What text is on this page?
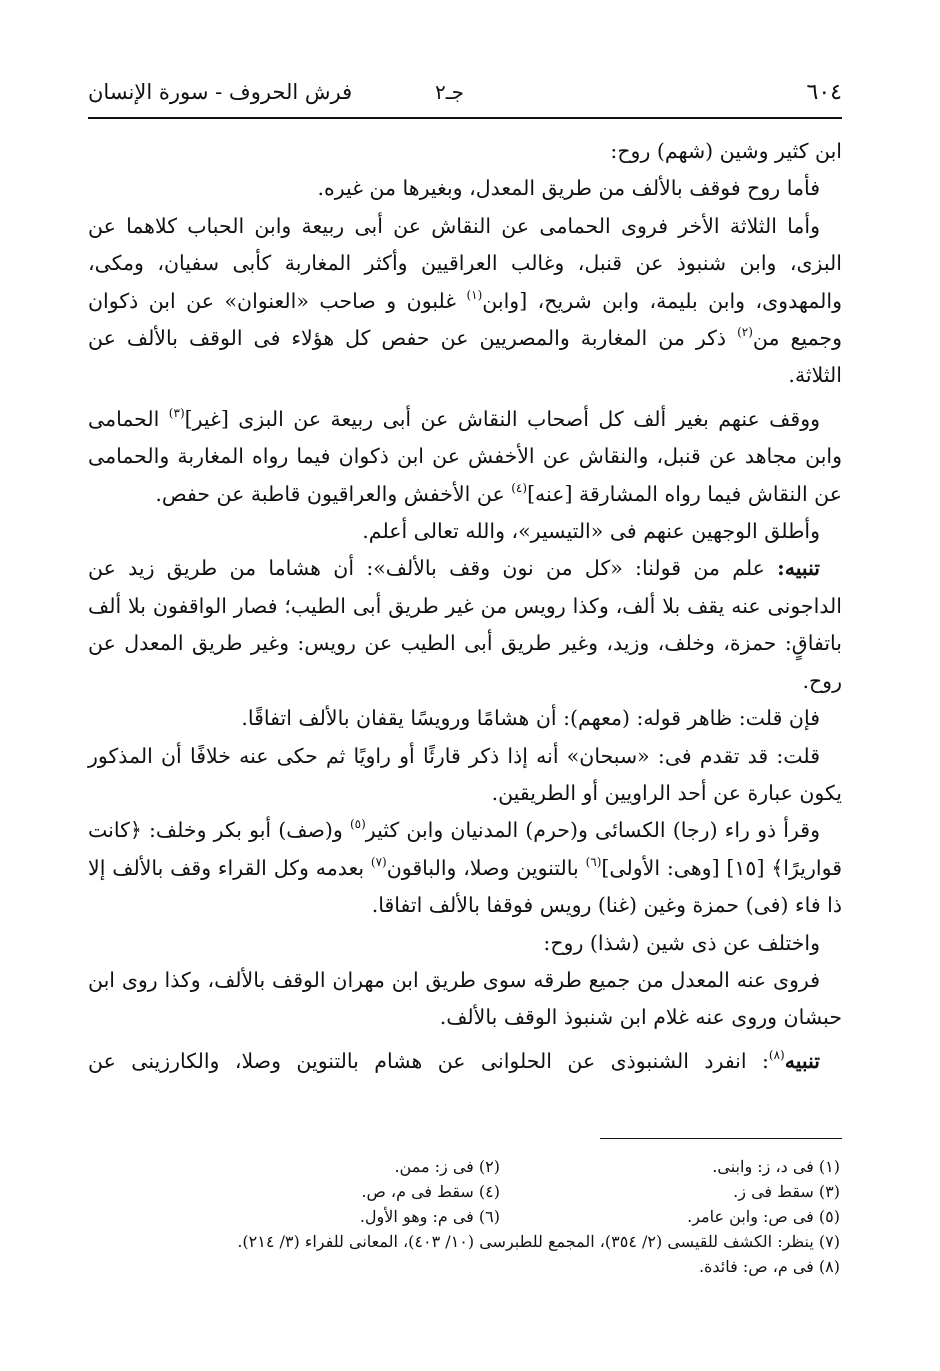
٦٠٤
جـ٢
فرش الحروف - سورة الإنسان

ابن كثير وشين (شهم) روح:

فأما روح فوقف بالألف من طريق المعدل، وبغيرها من غيره.

وأما الثلاثة الأخر فروى الحمامى عن النقاش عن أبى ربيعة وابن الحباب كلاهما عن البزى، وابن شنبوذ عن قنبل، وغالب العراقيين وأكثر المغاربة كأبى سفيان، ومكى، والمهدوى، وابن بليمة، وابن شريح، [وابن$^{(١)}$ غلبون و صاحب «العنوان» عن ابن ذكوان وجميع من$^{(٢)}$ ذكر من المغاربة والمصريين عن حفص كل هؤلاء فى الوقف بالألف عن الثلاثة.

ووقف عنهم بغير ألف كل أصحاب النقاش عن أبى ربيعة عن البزى [غير]$^{(٣)}$ الحمامى وابن مجاهد عن قنبل، والنقاش عن الأخفش عن ابن ذكوان فيما رواه المغاربة والحمامى عن النقاش فيما رواه المشارقة [عنه]$^{(٤)}$ عن الأخفش والعراقيون قاطبة عن حفص.

وأطلق الوجهين عنهم فى «التيسير»، والله تعالى أعلم.

تنبيه: علم من قولنا: «كل من نون وقف بالألف»: أن هشاما من طريق زيد عن الداجونى عنه يقف بلا ألف، وكذا رويس من غير طريق أبى الطيب؛ فصار الواقفون بلا ألف باتفاقٍ: حمزة، وخلف، وزيد، وغير طريق أبى الطيب عن رويس: وغير طريق المعدل عن روح.

فإن قلت: ظاهر قوله: (معهم): أن هشامًا ورويسًا يقفان بالألف اتفاقًا.

قلت: قد تقدم فى: «سبحان» أنه إذا ذكر قارئًا أو راويًا ثم حكى عنه خلافًا أن المذكور يكون عبارة عن أحد الراويين أو الطريقين.

وقرأ ذو راء (رجا) الكسائى و(حرم) المدنيان وابن كثير$^{(٥)}$ و(صف) أبو بكر وخلف: ﴿كانت قواريرًا﴾ [١٥] [وهى: الأولى]$^{(٦)}$ بالتنوين وصلا، والباقون$^{(٧)}$ بعدمه وكل القراء وقف بالألف إلا ذا فاء (فى) حمزة وغين (غنا) رويس فوقفا بالألف اتفاقا.

واختلف عن ذى شين (شذا) روح:

فروى عنه المعدل من جميع طرقه سوى طريق ابن مهران الوقف بالألف، وكذا روى ابن حبشان وروى عنه غلام ابن شنبوذ الوقف بالألف.

تنبيه$^{(٨)}$: انفرد الشنبوذى عن الحلوانى عن هشام بالتنوين وصلا، والكارزينى عن

(١) فى د، ز: وابنى.
(٢) فى ز: ممن.
(٣) سقط فى ز.
(٤) سقط فى م، ص.
(٥) فى ص: وابن عامر.
(٦) فى م: وهو الأول.
(٧) ينظر: الكشف للقيسى (٢/ ٣٥٤)، المجمع للطبرسى (١٠/ ٤٠٣)، المعانى للفراء (٣/ ٢١٤).
(٨) فى م، ص: فائدة.
